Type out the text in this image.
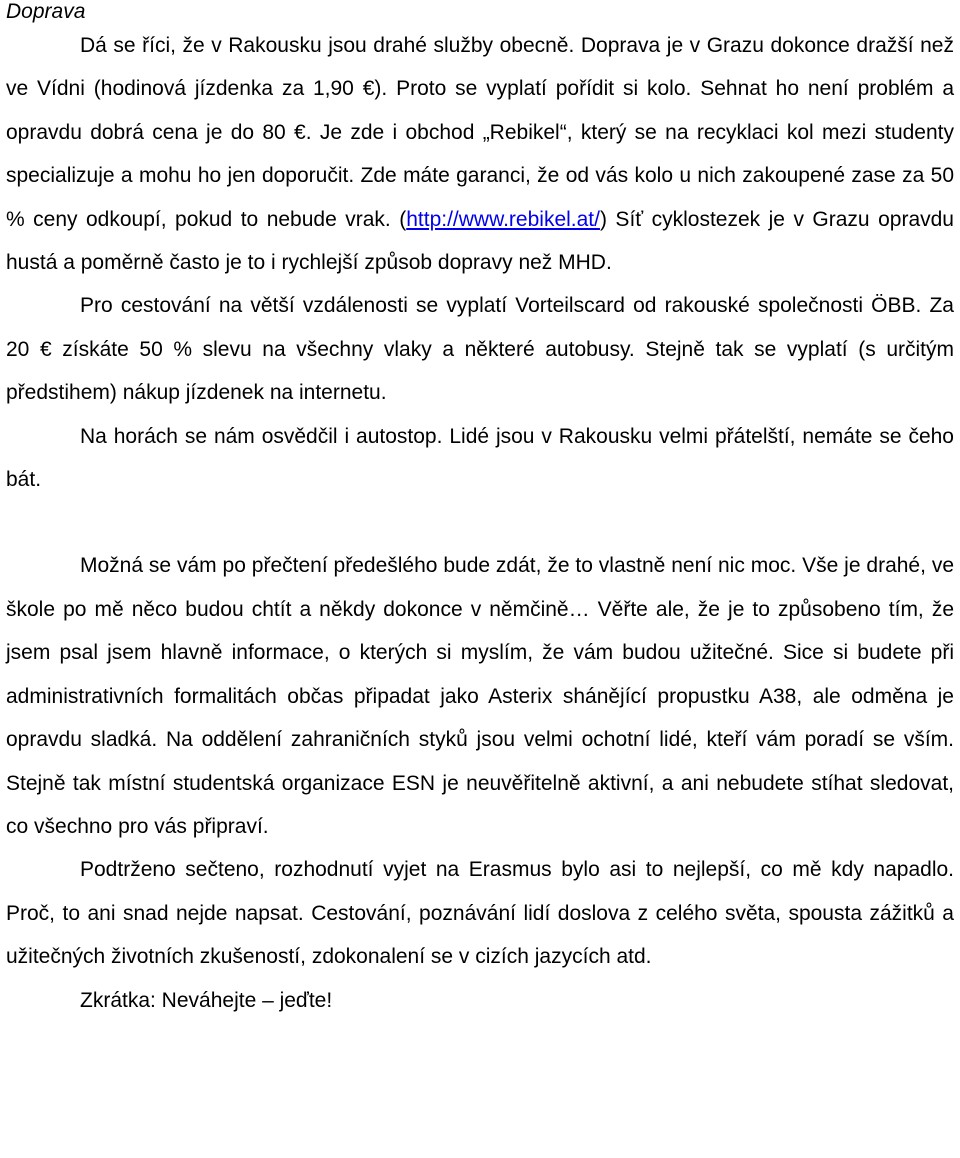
Doprava

Dá se říci, že v Rakousku jsou drahé služby obecně. Doprava je v Grazu dokonce dražší než ve Vídni (hodinová jízdenka za 1,90 €). Proto se vyplatí pořídit si kolo. Sehnat ho není problém a opravdu dobrá cena je do 80 €. Je zde i obchod „Rebikel“, který se na recyklaci kol mezi studenty specializuje a mohu ho jen doporučit. Zde máte garanci, že od vás kolo u nich zakoupené zase za 50 % ceny odkoupí, pokud to nebude vrak. (http://www.rebikel.at/) Síť cyklostezek je v Grazu opravdu hustá a poměrně často je to i rychlejší způsob dopravy než MHD.

Pro cestování na větší vzdálenosti se vyplatí Vorteilscard od rakouské společnosti ÖBB. Za 20 € získáte 50 % slevu na všechny vlaky a některé autobusy. Stejně tak se vyplatí (s určitým předstihem) nákup jízdenek na internetu.

Na horách se nám osvědčil i autostop. Lidé jsou v Rakousku velmi přátelští, nemáte se čeho bát.

Možná se vám po přečtení předešlého bude zdát, že to vlastně není nic moc. Vše je drahé, ve škole po mě něco budou chtít a někdy dokonce v němčině… Věřte ale, že je to způsobeno tím, že jsem psal jsem hlavně informace, o kterých si myslím, že vám budou užitečné. Sice si budete při administrativních formalitách občas připadat jako Asterix shánějící propustku A38, ale odměna je opravdu sladká. Na oddělení zahraničních styků jsou velmi ochotní lidé, kteří vám poradí se vším. Stejně tak místní studentská organizace ESN je neuvěřitelně aktivní, a ani nebudete stíhat sledovat, co všechno pro vás připraví.

Podtrženo sečteno, rozhodnutí vyjet na Erasmus bylo asi to nejlepší, co mě kdy napadlo. Proč, to ani snad nejde napsat. Cestování, poznávání lidí doslova z celého světa, spousta zážitků a užitečných životních zkušeností, zdokonalení se v cizích jazycích atd.

Zkrátka: Neváhejte – jeďte!
